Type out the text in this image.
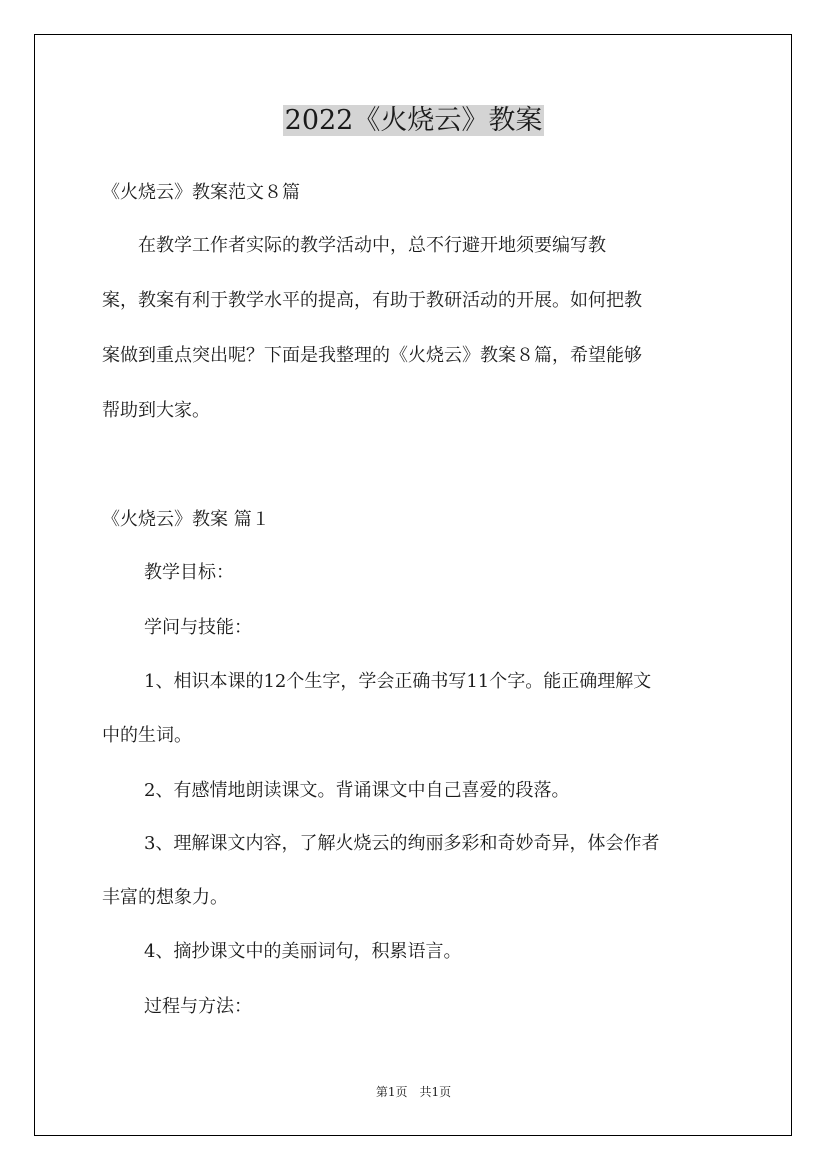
2022《火烧云》教案

《火烧云》教案范文８篇

　　在教学工作者实际的教学活动中，总不行避开地须要编写教

案，教案有利于教学水平的提高，有助于教研活动的开展。如何把教

案做到重点突出呢？下面是我整理的《火烧云》教案８篇，希望能够

帮助到大家。

《火烧云》教案 篇１

教学目标：

学问与技能：

1、相识本课的12个生字，学会正确书写11个字。能正确理解文

中的生词。

2、有感情地朗读课文。背诵课文中自己喜爱的段落。

3、理解课文内容，了解火烧云的绚丽多彩和奇妙奇异，体会作者

丰富的想象力。

4、摘抄课文中的美丽词句，积累语言。

过程与方法：

第1页　共1页
